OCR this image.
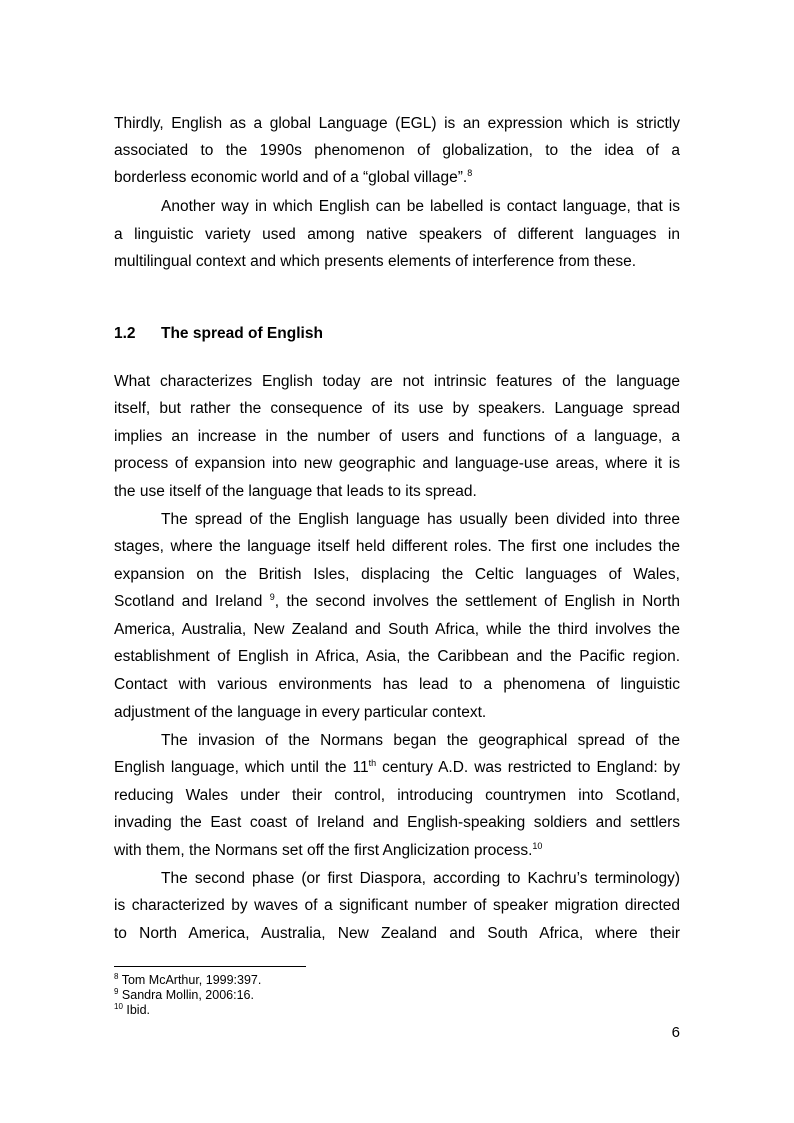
Thirdly, English as a global Language (EGL) is an expression which is strictly
associated to the 1990s phenomenon of globalization, to the idea of a
borderless economic world and of a “global village”.$^8$
Another way in which English can be labelled is contact language, that is
a linguistic variety used among native speakers of different languages in
multilingual context and which presents elements of interference from these.
1.2 The spread of English
What characterizes English today are not intrinsic features of the language
itself, but rather the consequence of its use by speakers. Language spread
implies an increase in the number of users and functions of a language, a
process of expansion into new geographic and language-use areas, where it is
the use itself of the language that leads to its spread.
The spread of the English language has usually been divided into three
stages, where the language itself held different roles. The first one includes the
expansion on the British Isles, displacing the Celtic languages of Wales,
Scotland and Ireland $^9$, the second involves the settlement of English in North
America, Australia, New Zealand and South Africa, while the third involves the
establishment of English in Africa, Asia, the Caribbean and the Pacific region.
Contact with various environments has lead to a phenomena of linguistic
adjustment of the language in every particular context.
The invasion of the Normans began the geographical spread of the
English language, which until the 11th century A.D. was restricted to England: by
reducing Wales under their control, introducing countrymen into Scotland,
invading the East coast of Ireland and English-speaking soldiers and settlers
with them, the Normans set off the first Anglicization process.$^{10}$
The second phase (or first Diaspora, according to Kachru’s terminology)
is characterized by waves of a significant number of speaker migration directed
to North America, Australia, New Zealand and South Africa, where their
$^8$ Tom McArthur, 1999:397.
$^9$ Sandra Mollin, 2006:16.
$^{10}$ Ibid.
6
